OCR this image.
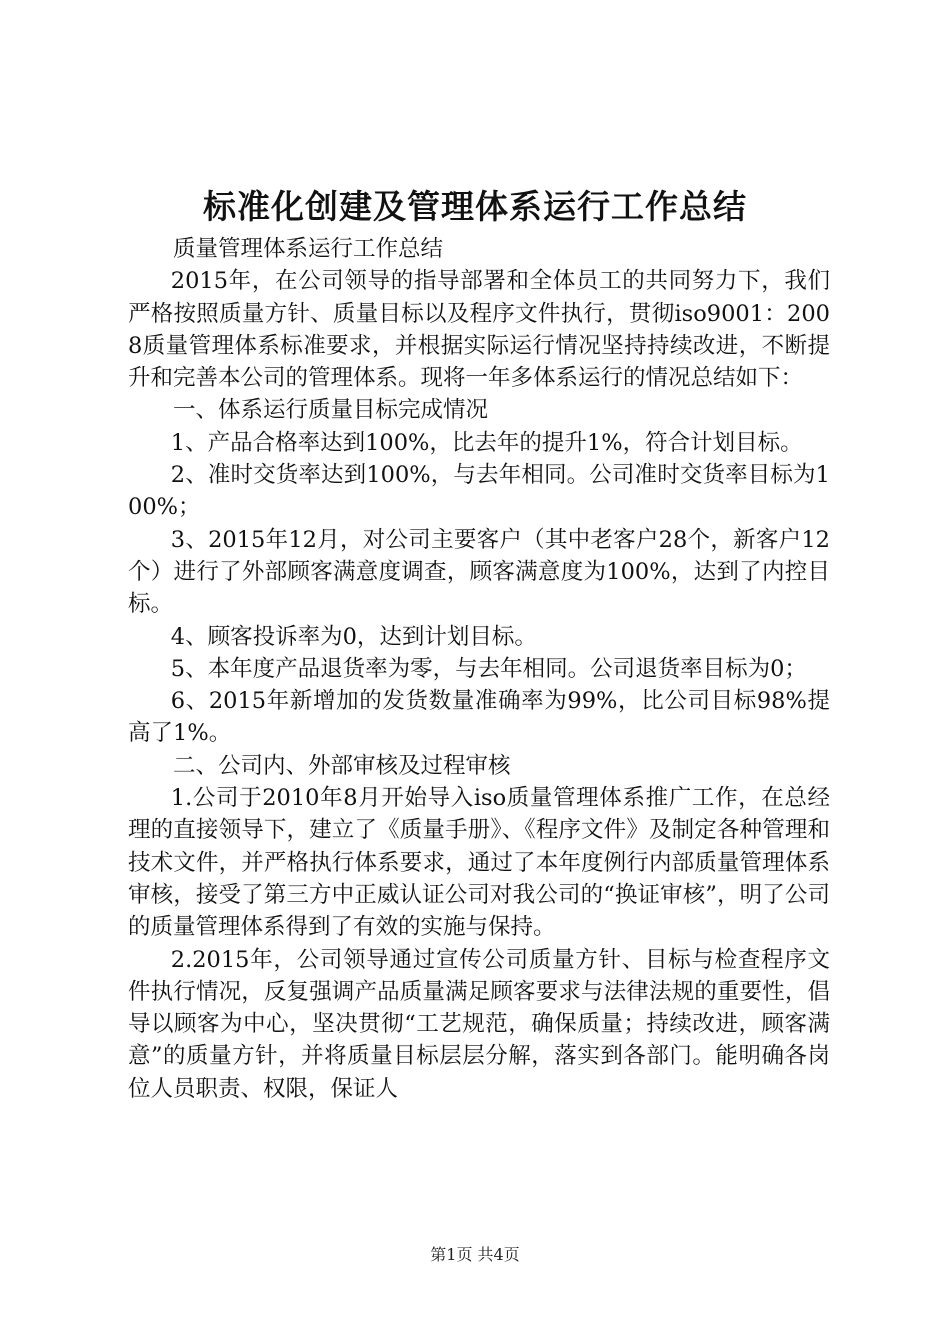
标准化创建及管理体系运行工作总结

质量管理体系运行工作总结

2015年，在公司领导的指导部署和全体员工的共同努力下，我们严格按照质量方针、质量目标以及程序文件执行，贯彻iso9001：2008质量管理体系标准要求，并根据实际运行情况坚持持续改进，不断提升和完善本公司的管理体系。现将一年多体系运行的情况总结如下：

一、体系运行质量目标完成情况

1、产品合格率达到100%，比去年的提升1%，符合计划目标。

2、准时交货率达到100%，与去年相同。公司准时交货率目标为100%；

3、2015年12月，对公司主要客户（其中老客户28个，新客户12个）进行了外部顾客满意度调查，顾客满意度为100%，达到了内控目标。

4、顾客投诉率为0，达到计划目标。

5、本年度产品退货率为零，与去年相同。公司退货率目标为0；

6、2015年新增加的发货数量准确率为99%，比公司目标98%提高了1%。

二、公司内、外部审核及过程审核

1.公司于2010年8月开始导入iso质量管理体系推广工作，在总经理的直接领导下，建立了《质量手册》、《程序文件》及制定各种管理和技术文件，并严格执行体系要求，通过了本年度例行内部质量管理体系审核，接受了第三方中正威认证公司对我公司的“换证审核”，明了公司的质量管理体系得到了有效的实施与保持。

2.2015年，公司领导通过宣传公司质量方针、目标与检查程序文件执行情况，反复强调产品质量满足顾客要求与法律法规的重要性，倡导以顾客为中心，坚决贯彻“工艺规范，确保质量；持续改进，顾客满意”的质量方针，并将质量目标层层分解，落实到各部门。能明确各岗位人员职责、权限，保证人

第1页 共4页
